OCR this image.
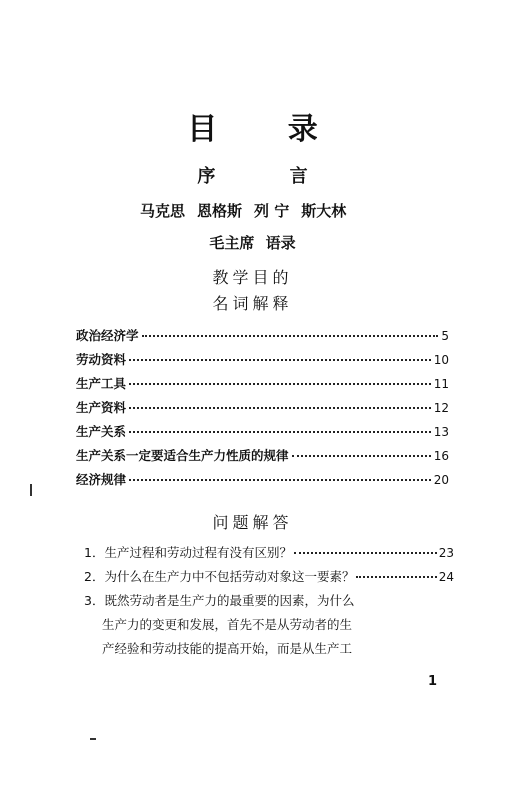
目 录
序 言
马克思 恩格斯 列 宁 斯大林
毛主席 语录
教学目的
名词解释
政治经济学	5
劳动资料	10
生产工具	11
生产资料	12
生产关系	13
生产关系一定要适合生产力性质的规律	16
经济规律	20
问题解答
1． 生产过程和劳动过程有没有区别？	23
2． 为什么在生产力中不包括劳动对象这一要素？	24
3． 既然劳动者是生产力的最重要的因素，为什么
生产力的变更和发展，首先不是从劳动者的生
产经验和劳动技能的提高开始，而是从生产工
1
